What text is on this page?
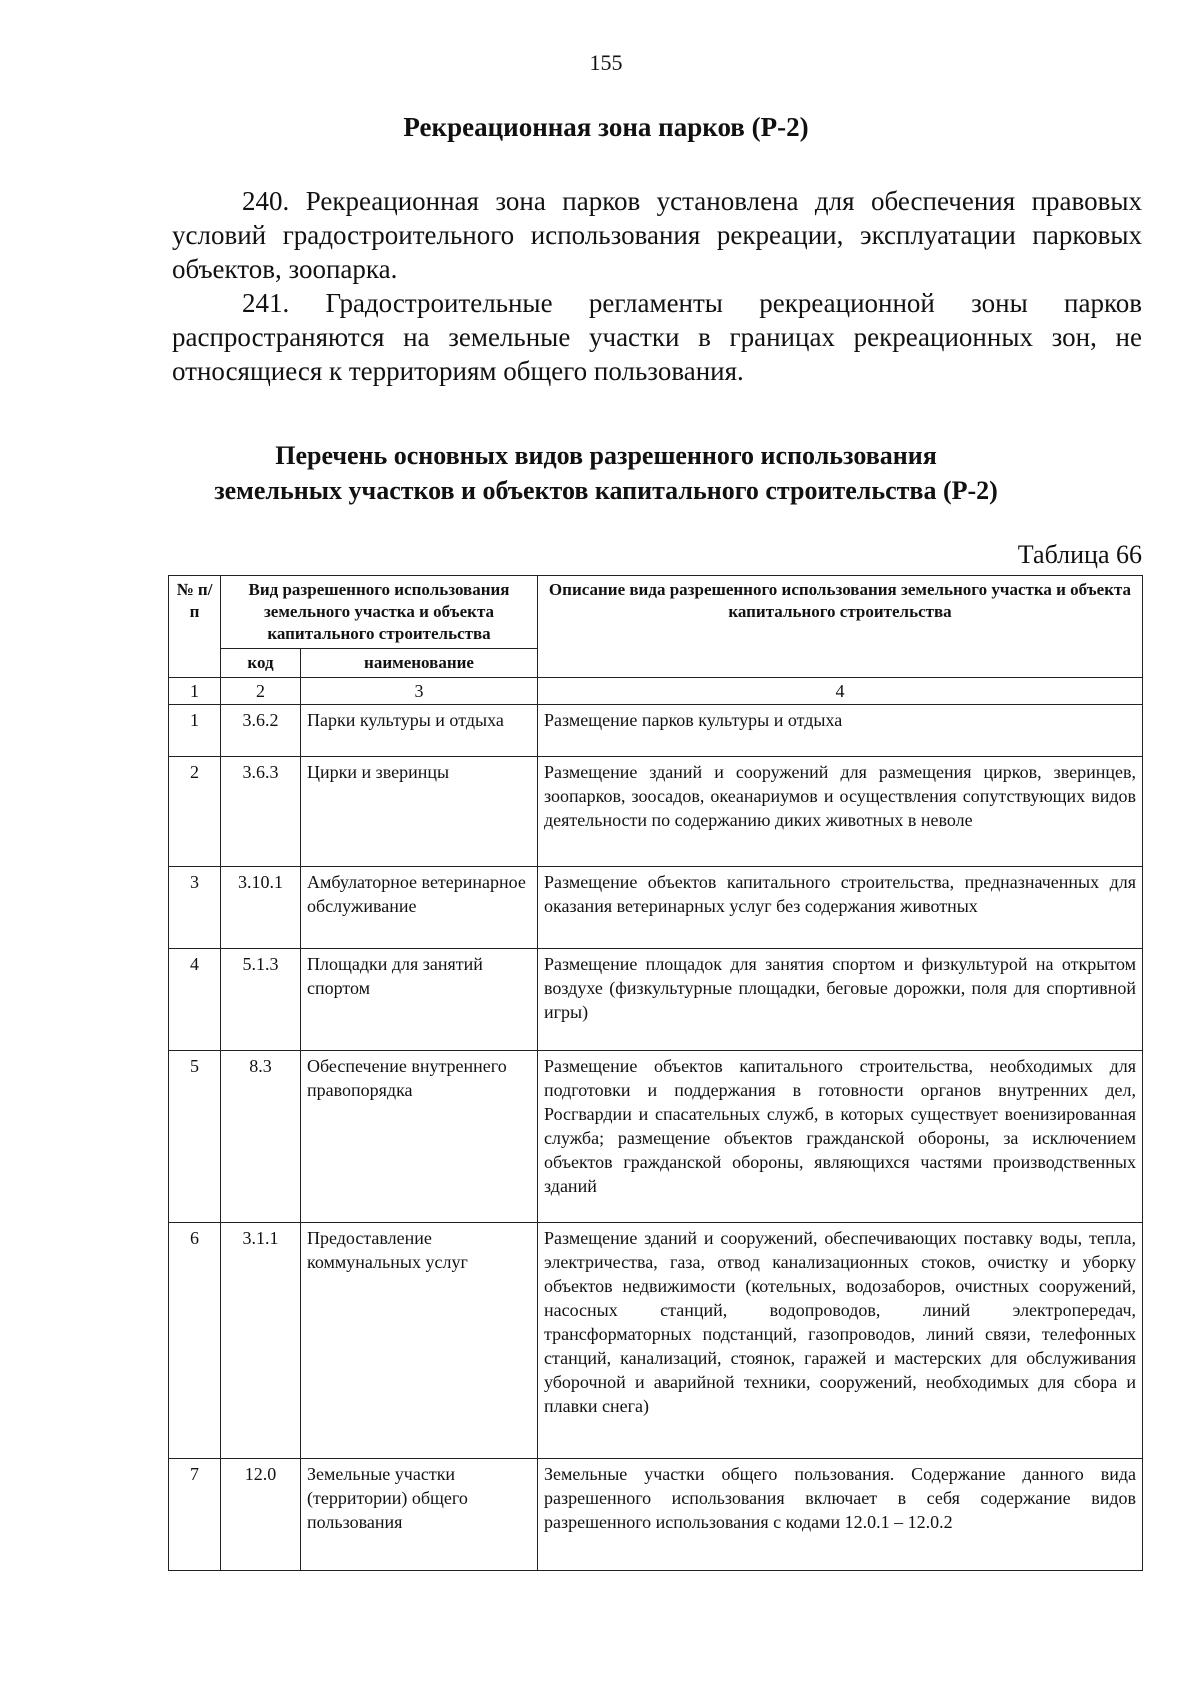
155
Рекреационная зона парков (Р-2)

240. Рекреационная зона парков установлена для обеспечения правовых условий градостроительного использования рекреации, эксплуатации парковых объектов, зоопарка.

241. Градостроительные регламенты рекреационной зоны парков распространяются на земельные участки в границах рекреационных зон, не относящиеся к территориям общего пользования.

Перечень основных видов разрешенного использования
земельных участков и объектов капитального строительства (Р-2)
Таблица 66
№ п/п	Вид разрешенного использования земельного участка и объекта капитального строительства		Описание вида разрешенного использования земельного участка и объекта капитального строительства
	код	наименование	
1	2	3	4
1	3.6.2	Парки культуры и отдыха	Размещение парков культуры и отдыха
2	3.6.3	Цирки и зверинцы	Размещение зданий и сооружений для размещения цирков, зверинцев, зоопарков, зоосадов, океанариумов и осуществления сопутствующих видов деятельности по содержанию диких животных в неволе
3	3.10.1	Амбулаторное ветеринарное обслуживание	Размещение объектов капитального строительства, предназначенных для оказания ветеринарных услуг без содержания животных
4	5.1.3	Площадки для занятий спортом	Размещение площадок для занятия спортом и физкультурой на открытом воздухе (физкультурные площадки, беговые дорожки, поля для спортивной игры)
5	8.3	Обеспечение внутреннего правопорядка	Размещение объектов капитального строительства, необходимых для подготовки и поддержания в готовности органов внутренних дел, Росгвардии и спасательных служб, в которых существует военизированная служба; размещение объектов гражданской обороны, за исключением объектов гражданской обороны, являющихся частями производственных зданий
6	3.1.1	Предоставление коммунальных услуг	Размещение зданий и сооружений, обеспечивающих поставку воды, тепла, электричества, газа, отвод канализационных стоков, очистку и уборку объектов недвижимости (котельных, водозаборов, очистных сооружений, насосных станций, водопроводов, линий электропередач, трансформаторных подстанций, газопроводов, линий связи, телефонных станций, канализаций, стоянок, гаражей и мастерских для обслуживания уборочной и аварийной техники, сооружений, необходимых для сбора и плавки снега)
7	12.0	Земельные участки (территории) общего пользования	Земельные участки общего пользования. Содержание данного вида разрешенного использования включает в себя содержание видов разрешенного использования с кодами 12.0.1 – 12.0.2
